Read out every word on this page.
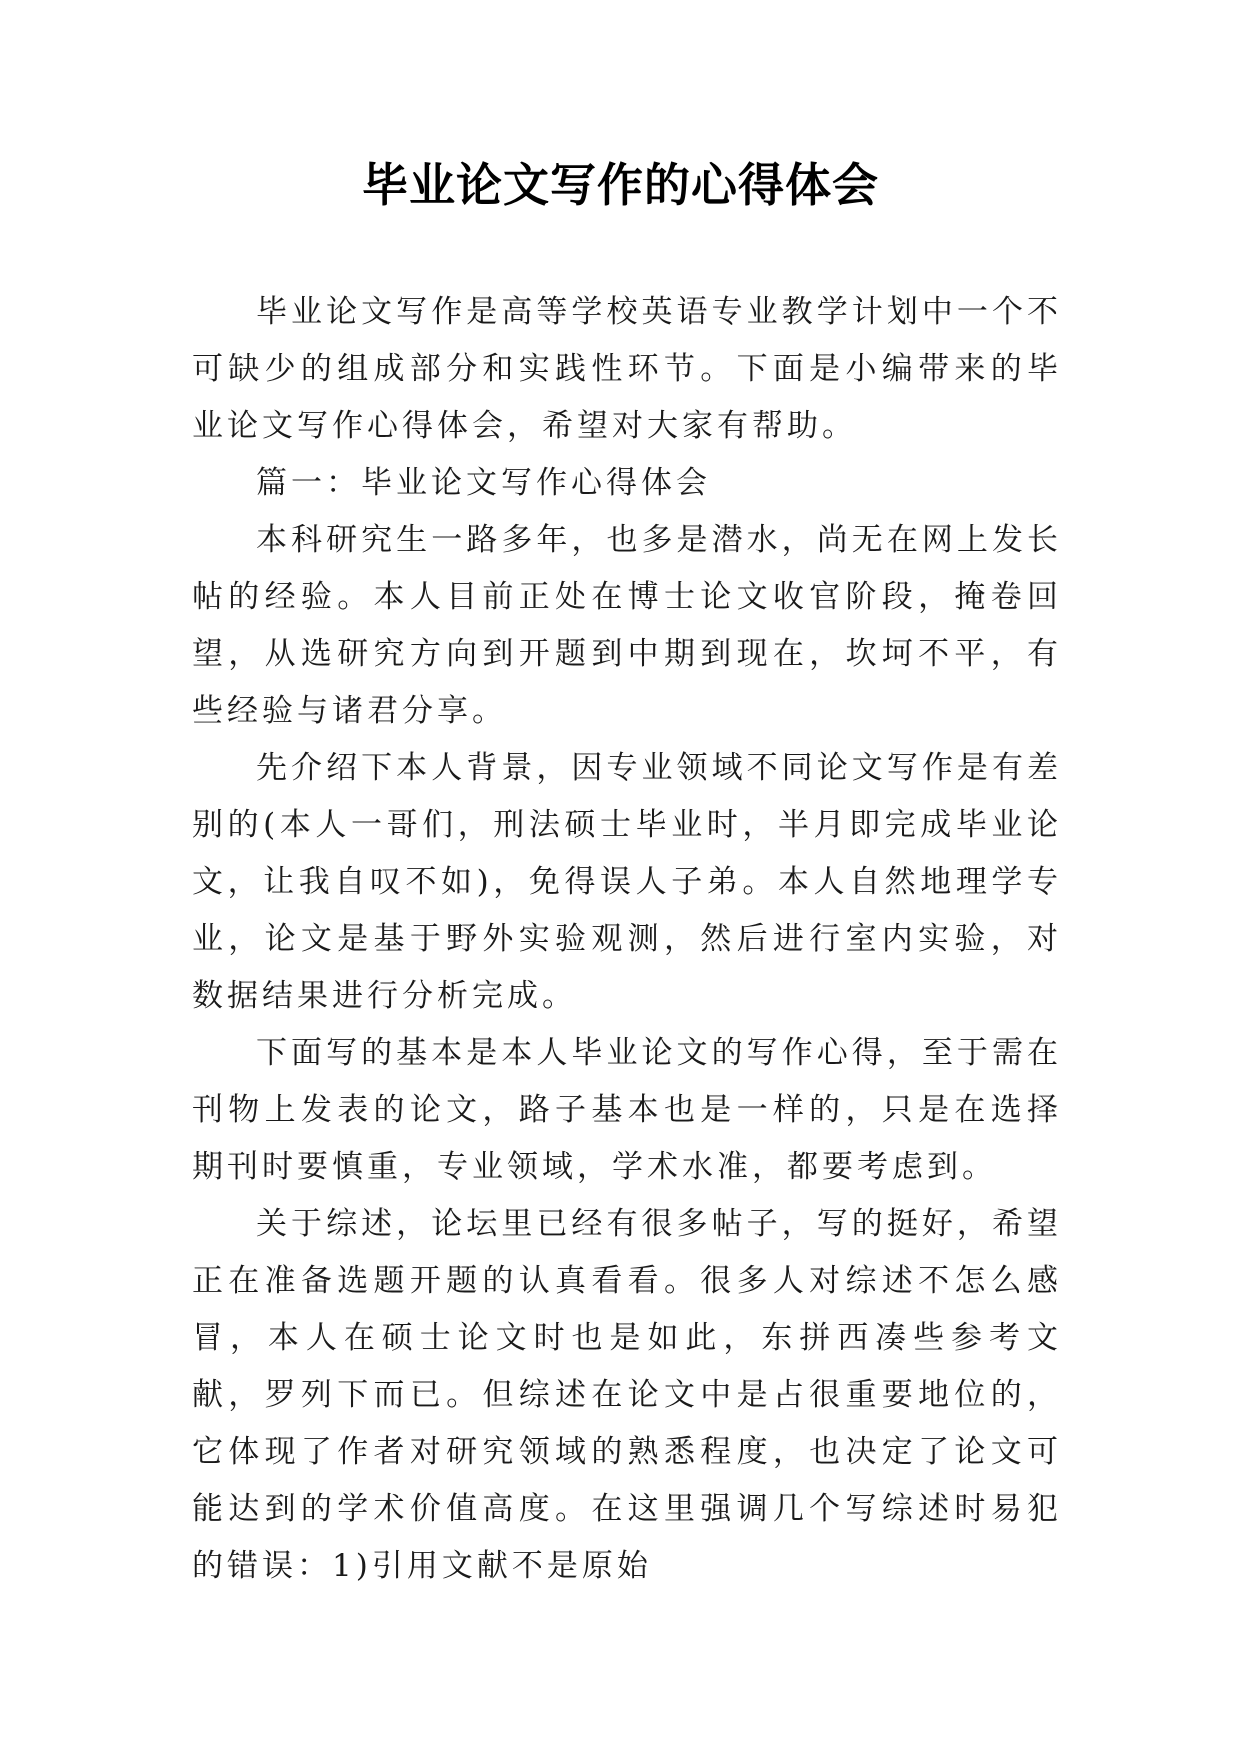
毕业论文写作的心得体会

毕业论文写作是高等学校英语专业教学计划中一个不可缺少的组成部分和实践性环节。下面是小编带来的毕业论文写作心得体会，希望对大家有帮助。

篇一：毕业论文写作心得体会

本科研究生一路多年，也多是潜水，尚无在网上发长帖的经验。本人目前正处在博士论文收官阶段，掩卷回望，从选研究方向到开题到中期到现在，坎坷不平，有些经验与诸君分享。

先介绍下本人背景，因专业领域不同论文写作是有差别的(本人一哥们，刑法硕士毕业时，半月即完成毕业论文，让我自叹不如)，免得误人子弟。本人自然地理学专业，论文是基于野外实验观测，然后进行室内实验，对数据结果进行分析完成。

下面写的基本是本人毕业论文的写作心得，至于需在刊物上发表的论文，路子基本也是一样的，只是在选择期刊时要慎重，专业领域，学术水准，都要考虑到。

关于综述，论坛里已经有很多帖子，写的挺好，希望正在准备选题开题的认真看看。很多人对综述不怎么感冒，本人在硕士论文时也是如此，东拼西凑些参考文献，罗列下而已。但综述在论文中是占很重要地位的，它体现了作者对研究领域的熟悉程度，也决定了论文可能达到的学术价值高度。在这里强调几个写综述时易犯的错误：1)引用文献不是原始
